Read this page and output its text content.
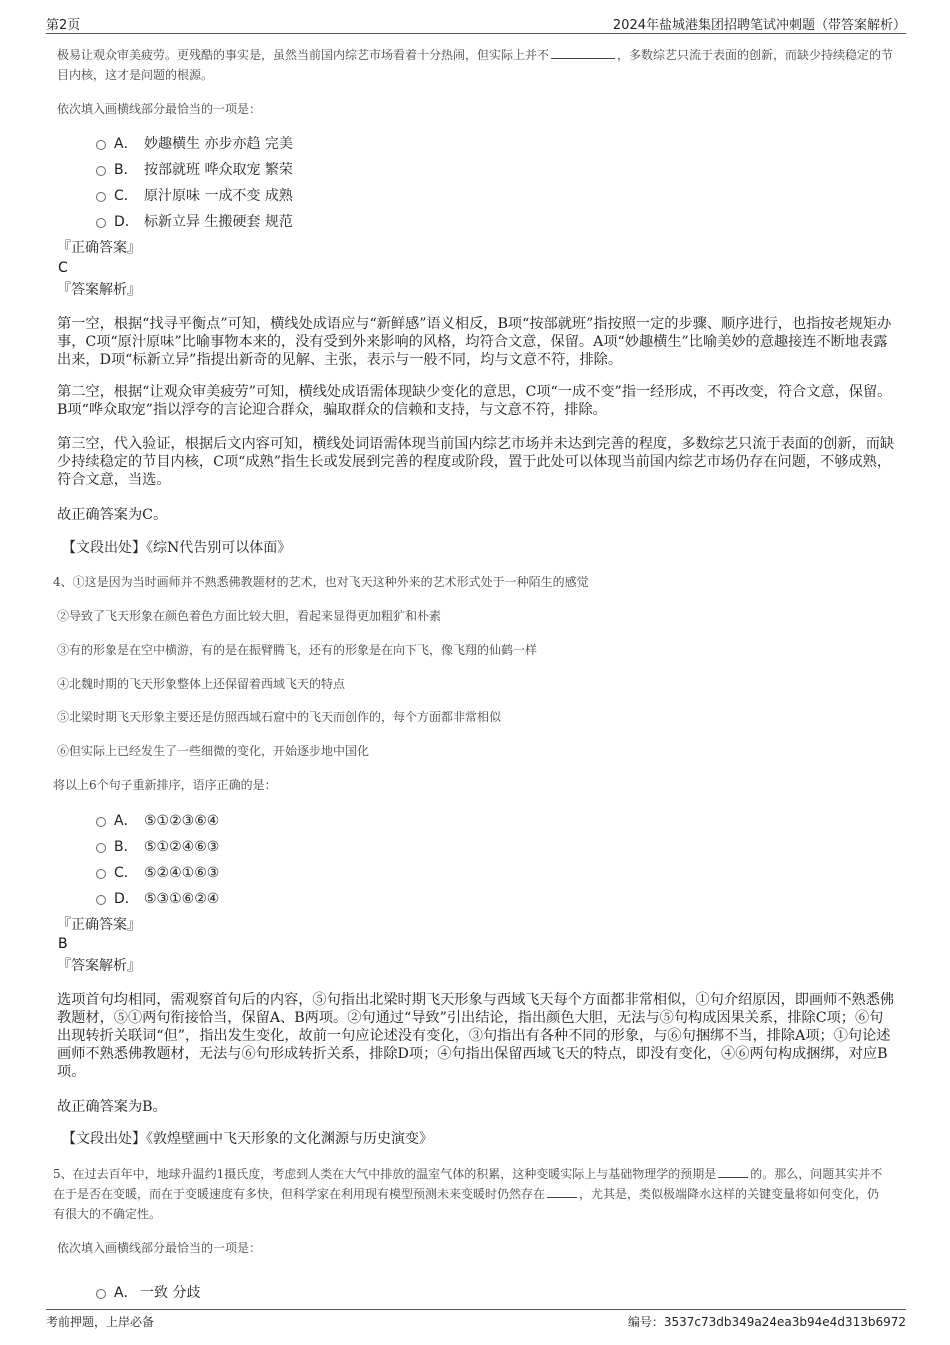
第2页	2024年盐城港集团招聘笔试冲刺题（带答案解析）

极易让观众审美疲劳。更残酷的事实是，虽然当前国内综艺市场看着十分热闹，但实际上并不	，多数综艺只流于表面的创新，而缺少持续稳定的节目内核，这才是问题的根源。

依次填入画横线部分最恰当的一项是：

A． 妙趣横生 亦步亦趋 完美
B． 按部就班 哗众取宠 繁荣
C． 原汁原味 一成不变 成熟
D． 标新立异 生搬硬套 规范

『正确答案』

C

『答案解析』

第一空，根据“找寻平衡点”可知，横线处成语应与“新鲜感”语义相反，B项“按部就班”指按照一定的步骤、顺序进行，也指按老规矩办事，C项“原汁原味”比喻事物本来的，没有受到外来影响的风格，均符合文意，保留。A项“妙趣横生”比喻美妙的意趣接连不断地表露出来，D项“标新立异”指提出新奇的见解、主张，表示与一般不同，均与文意不符，排除。

第二空，根据“让观众审美疲劳”可知，横线处成语需体现缺少变化的意思，C项“一成不变”指一经形成，不再改变，符合文意，保留。B项“哗众取宠”指以浮夸的言论迎合群众，骗取群众的信赖和支持，与文意不符，排除。

第三空，代入验证，根据后文内容可知，横线处词语需体现当前国内综艺市场并未达到完善的程度，多数综艺只流于表面的创新，而缺少持续稳定的节目内核，C项“成熟”指生长或发展到完善的程度或阶段，置于此处可以体现当前国内综艺市场仍存在问题，不够成熟，符合文意，当选。

故正确答案为C。

【文段出处】《综N代告别可以体面》

4、①这是因为当时画师并不熟悉佛教题材的艺术，也对飞天这种外来的艺术形式处于一种陌生的感觉

②导致了飞天形象在颜色着色方面比较大胆，看起来显得更加粗犷和朴素

③有的形象是在空中横游，有的是在振臂腾飞，还有的形象是在向下飞，像飞翔的仙鹤一样

④北魏时期的飞天形象整体上还保留着西域飞天的特点

⑤北梁时期飞天形象主要还是仿照西域石窟中的飞天而创作的，每个方面都非常相似

⑥但实际上已经发生了一些细微的变化，开始逐步地中国化

将以上6个句子重新排序，语序正确的是：

A． ⑤①②③⑥④
B． ⑤①②④⑥③
C． ⑤②④①⑥③
D． ⑤③①⑥②④

『正确答案』

B

『答案解析』

选项首句均相同，需观察首句后的内容，⑤句指出北梁时期飞天形象与西域飞天每个方面都非常相似，①句介绍原因，即画师不熟悉佛教题材，⑤①两句衔接恰当，保留A、B两项。②句通过“导致”引出结论，指出颜色大胆，无法与⑤句构成因果关系，排除C项；⑥句出现转折关联词“但”，指出发生变化，故前一句应论述没有变化，③句指出有各种不同的形象，与⑥句捆绑不当，排除A项；①句论述画师不熟悉佛教题材，无法与⑥句形成转折关系，排除D项；④句指出保留西域飞天的特点，即没有变化，④⑥两句构成捆绑，对应B项。

故正确答案为B。

【文段出处】《敦煌壁画中飞天形象的文化渊源与历史演变》

5、在过去百年中，地球升温约1摄氏度，考虑到人类在大气中排放的温室气体的积累，这种变暖实际上与基础物理学的预期是	的。那么，问题其实并不在于是否在变暖，而在于变暖速度有多快，但科学家在利用现有模型预测未来变暖时仍然存在	，尤其是，类似极端降水这样的关键变量将如何变化，仍有很大的不确定性。

依次填入画横线部分最恰当的一项是：

A． 一致 分歧
考前押题，上岸必备	编号：3537c73db349a24ea3b94e4d313b6972
